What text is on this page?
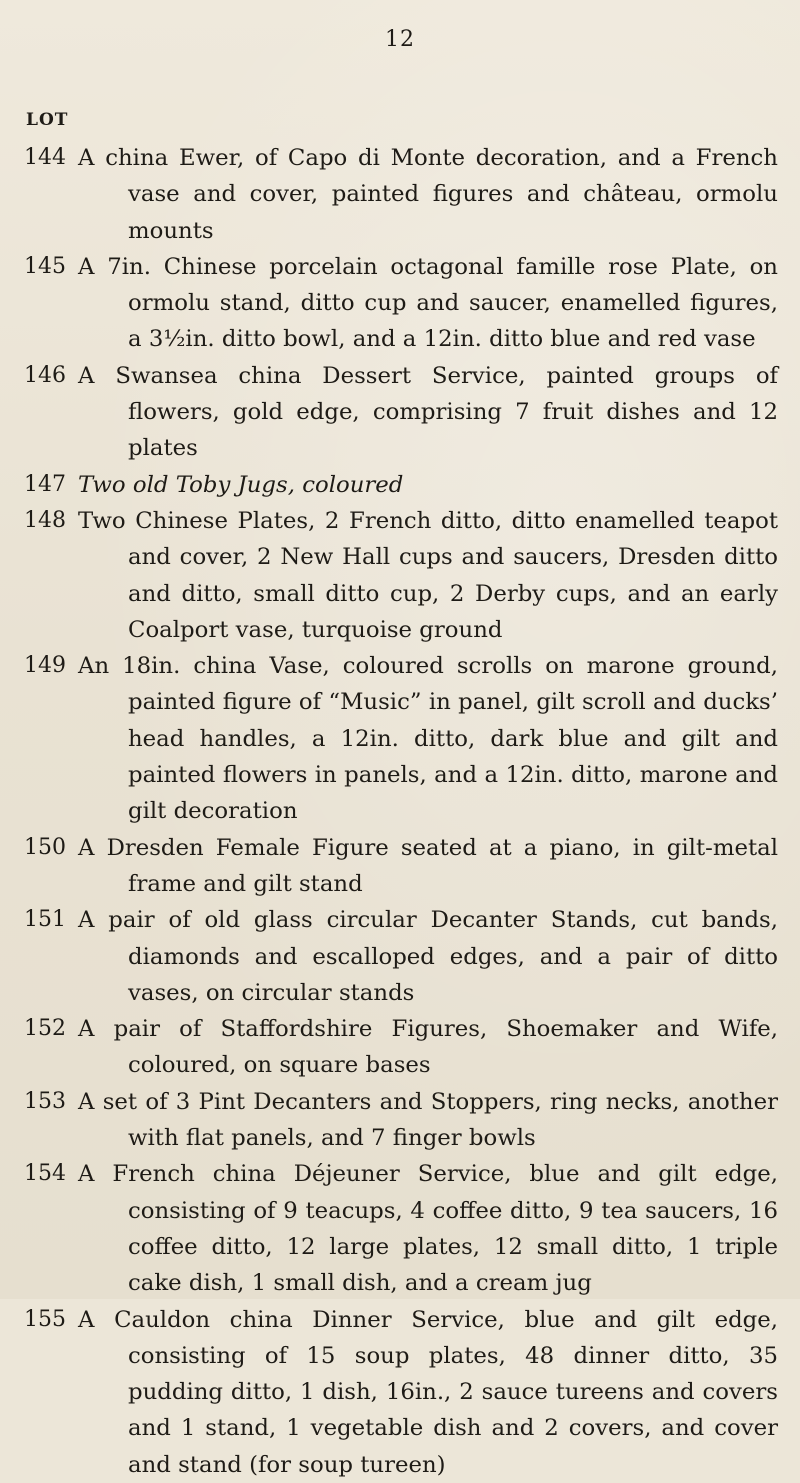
12
LOT
144 A china Ewer, of Capo di Monte decoration, and a French vase and cover, painted figures and château, ormolu mounts
145 A 7in. Chinese porcelain octagonal famille rose Plate, on ormolu stand, ditto cup and saucer, enamelled figures, a 3½in. ditto bowl, and a 12in. ditto blue and red vase
146 A Swansea china Dessert Service, painted groups of flowers, gold edge, comprising 7 fruit dishes and 12 plates
147 Two old Toby Jugs, coloured
148 Two Chinese Plates, 2 French ditto, ditto enamelled teapot and cover, 2 New Hall cups and saucers, Dresden ditto and ditto, small ditto cup, 2 Derby cups, and an early Coalport vase, turquoise ground
149 An 18in. china Vase, coloured scrolls on marone ground, painted figure of “Music” in panel, gilt scroll and ducks’ head handles, a 12in. ditto, dark blue and gilt and painted flowers in panels, and a 12in. ditto, marone and gilt decoration
150 A Dresden Female Figure seated at a piano, in gilt-metal frame and gilt stand
151 A pair of old glass circular Decanter Stands, cut bands, diamonds and escalloped edges, and a pair of ditto vases, on circular stands
152 A pair of Staffordshire Figures, Shoemaker and Wife, coloured, on square bases
153 A set of 3 Pint Decanters and Stoppers, ring necks, another with flat panels, and 7 finger bowls
154 A French china Déjeuner Service, blue and gilt edge, consisting of 9 teacups, 4 coffee ditto, 9 tea saucers, 16 coffee ditto, 12 large plates, 12 small ditto, 1 triple cake dish, 1 small dish, and a cream jug
155 A Cauldon china Dinner Service, blue and gilt edge, consisting of 15 soup plates, 48 dinner ditto, 35 pudding ditto, 1 dish, 16in., 2 sauce tureens and covers and 1 stand, 1 vegetable dish and 2 covers, and cover and stand (for soup tureen)
